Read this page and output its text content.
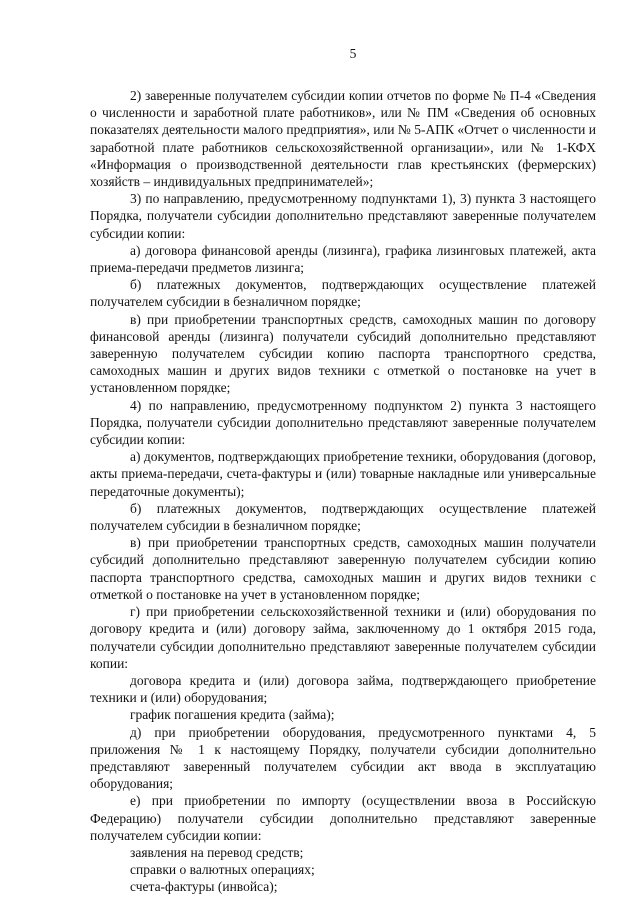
5

2) заверенные получателем субсидии копии отчетов по форме № П-4 «Сведения о численности и заработной плате работников», или № ПМ «Сведения об основных показателях деятельности малого предприятия», или № 5-АПК «Отчет о численности и заработной плате работников сельскохозяйственной организации», или № 1-КФХ «Информация о производственной деятельности глав крестьянских (фермерских) хозяйств – индивидуальных предпринимателей»;

3) по направлению, предусмотренному подпунктами 1), 3) пункта 3 настоящего Порядка, получатели субсидии дополнительно представляют заверенные получателем субсидии копии:

а) договора финансовой аренды (лизинга), графика лизинговых платежей, акта приема-передачи предметов лизинга;

б) платежных документов, подтверждающих осуществление платежей получателем субсидии в безналичном порядке;

в) при приобретении транспортных средств, самоходных машин по договору финансовой аренды (лизинга) получатели субсидий дополнительно представляют заверенную получателем субсидии копию паспорта транспортного средства, самоходных машин и других видов техники с отметкой о постановке на учет в установленном порядке;

4) по направлению, предусмотренному подпунктом 2) пункта 3 настоящего Порядка, получатели субсидии дополнительно представляют заверенные получателем субсидии копии:

а) документов, подтверждающих приобретение техники, оборудования (договор, акты приема-передачи, счета-фактуры и (или) товарные накладные или универсальные передаточные документы);

б) платежных документов, подтверждающих осуществление платежей получателем субсидии в безналичном порядке;

в) при приобретении транспортных средств, самоходных машин получатели субсидий дополнительно представляют заверенную получателем субсидии копию паспорта транспортного средства, самоходных машин и других видов техники с отметкой о постановке на учет в установленном порядке;

г) при приобретении сельскохозяйственной техники и (или) оборудования по договору кредита и (или) договору займа, заключенному до 1 октября 2015 года, получатели субсидии дополнительно представляют заверенные получателем субсидии копии:

договора кредита и (или) договора займа, подтверждающего приобретение техники и (или) оборудования;

график погашения кредита (займа);

д) при приобретении оборудования, предусмотренного пунктами 4, 5 приложения № 1 к настоящему Порядку, получатели субсидии дополнительно представляют заверенный получателем субсидии акт ввода в эксплуатацию оборудования;

е) при приобретении по импорту (осуществлении ввоза в Российскую Федерацию) получатели субсидии дополнительно представляют заверенные получателем субсидии копии:

заявления на перевод средств;

справки о валютных операциях;

счета-фактуры (инвойса);
